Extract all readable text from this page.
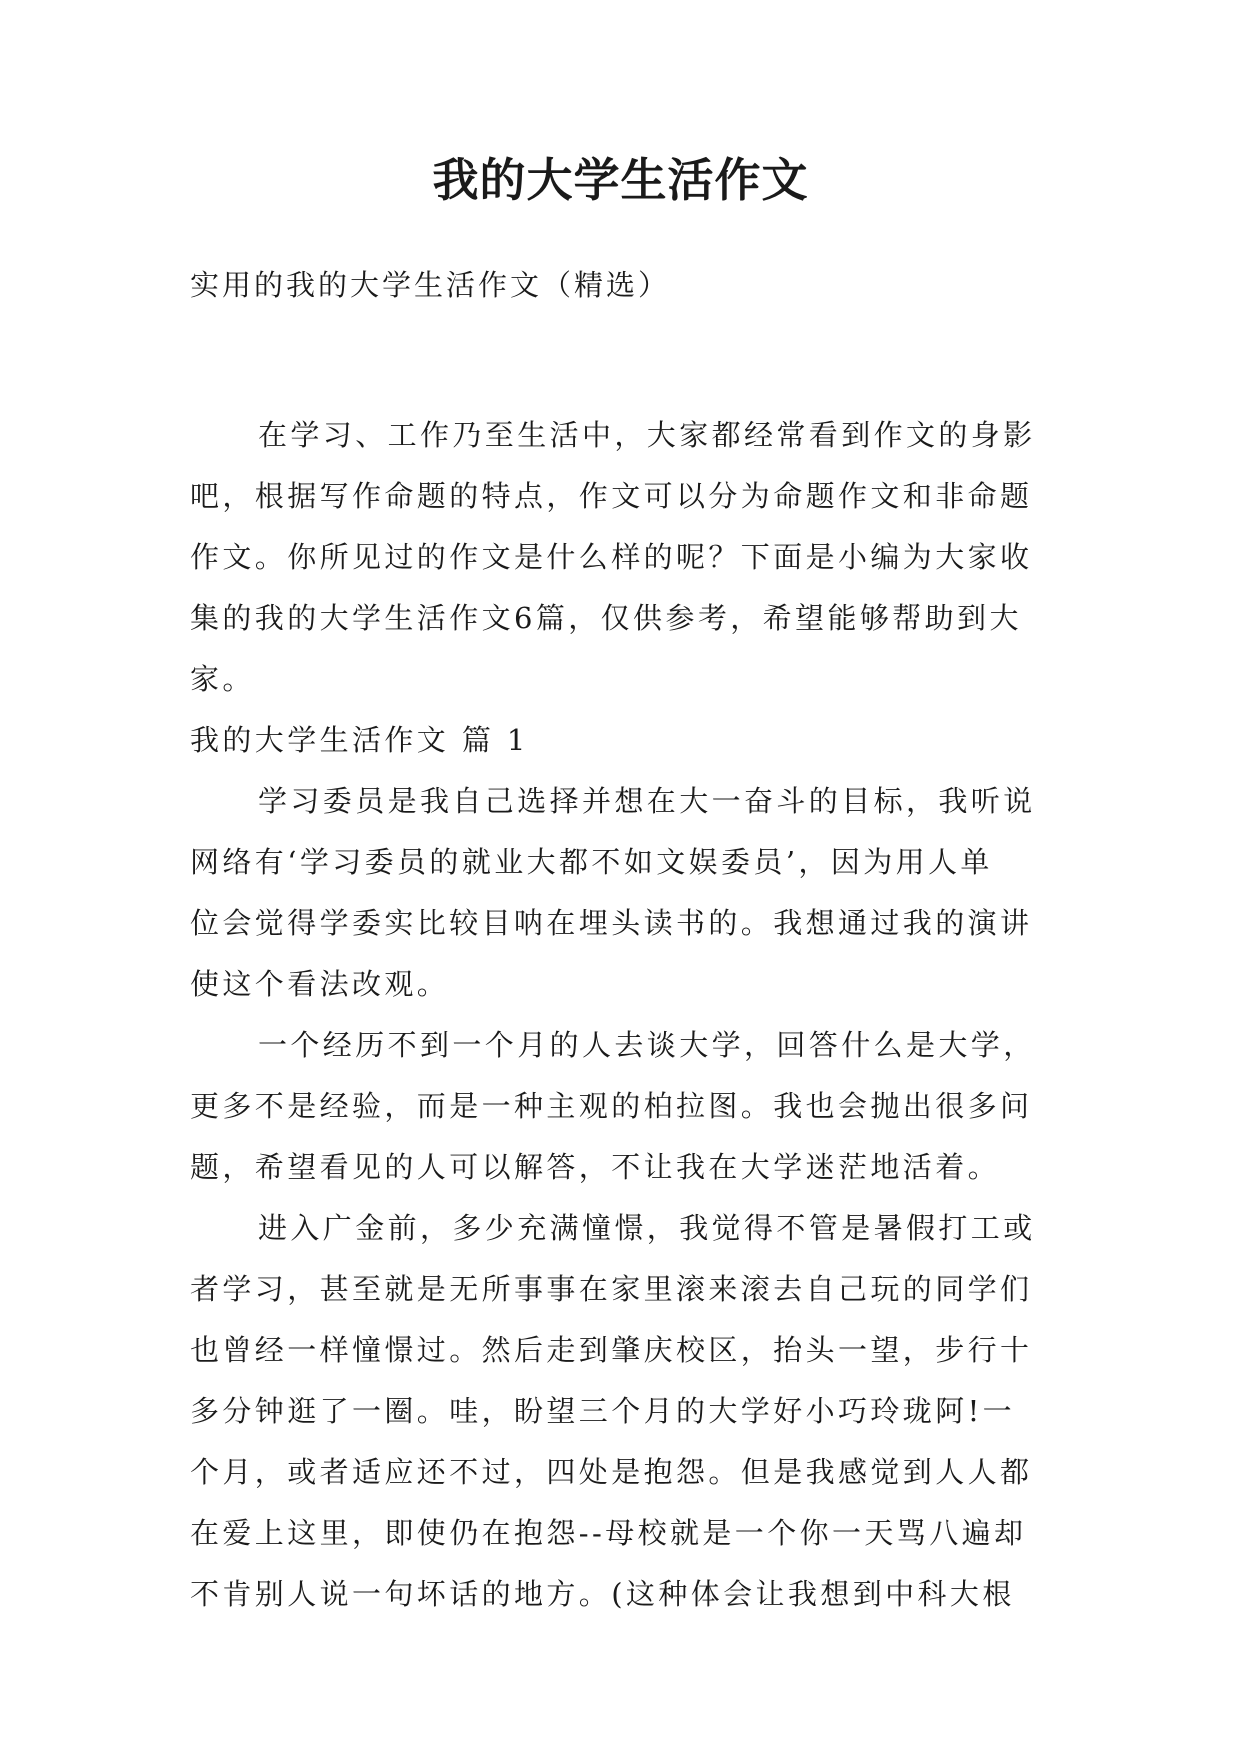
我的大学生活作文

实用的我的大学生活作文（精选）

在学习、工作乃至生活中，大家都经常看到作文的身影
吧，根据写作命题的特点，作文可以分为命题作文和非命题
作文。你所见过的作文是什么样的呢？下面是小编为大家收
集的我的大学生活作文6篇，仅供参考，希望能够帮助到大
家。
我的大学生活作文 篇 1
学习委员是我自己选择并想在大一奋斗的目标，我听说
网络有‘学习委员的就业大都不如文娱委员’，因为用人单
位会觉得学委实比较目呐在埋头读书的。我想通过我的演讲
使这个看法改观。
一个经历不到一个月的人去谈大学，回答什么是大学，
更多不是经验，而是一种主观的柏拉图。我也会抛出很多问
题，希望看见的人可以解答，不让我在大学迷茫地活着。
进入广金前，多少充满憧憬，我觉得不管是暑假打工或
者学习，甚至就是无所事事在家里滚来滚去自己玩的同学们
也曾经一样憧憬过。然后走到肇庆校区，抬头一望，步行十
多分钟逛了一圈。哇，盼望三个月的大学好小巧玲珑阿!一
个月，或者适应还不过，四处是抱怨。但是我感觉到人人都
在爱上这里，即使仍在抱怨--母校就是一个你一天骂八遍却
不肯别人说一句坏话的地方。(这种体会让我想到中科大根
